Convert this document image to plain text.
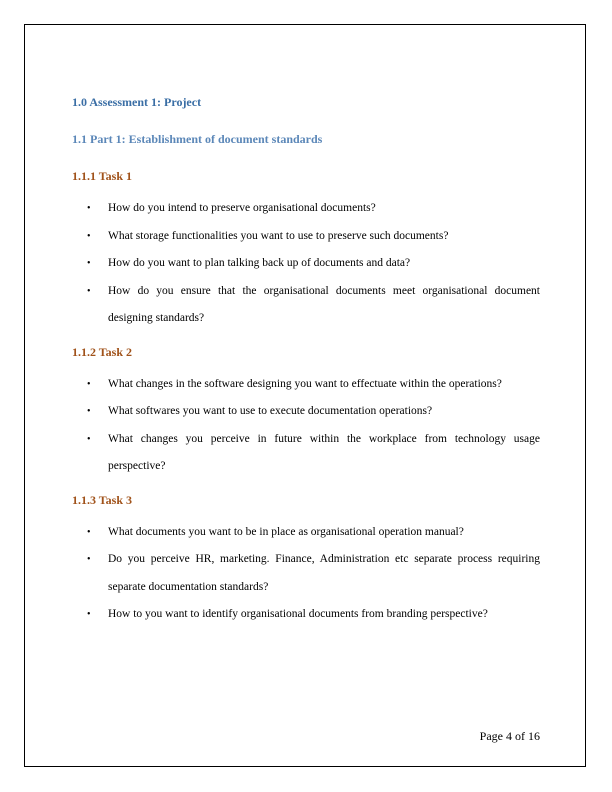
1.0 Assessment 1: Project
1.1 Part 1: Establishment of document standards
1.1.1 Task 1
• How do you intend to preserve organisational documents?
• What storage functionalities you want to use to preserve such documents?
• How do you want to plan talking back up of documents and data?
• How do you ensure that the organisational documents meet organisational document designing standards?
1.1.2 Task 2
• What changes in the software designing you want to effectuate within the operations?
• What softwares you want to use to execute documentation operations?
• What changes you perceive in future within the workplace from technology usage perspective?
1.1.3 Task 3
• What documents you want to be in place as organisational operation manual?
• Do you perceive HR, marketing. Finance, Administration etc separate process requiring separate documentation standards?
• How to you want to identify organisational documents from branding perspective?
Page 4 of 16
